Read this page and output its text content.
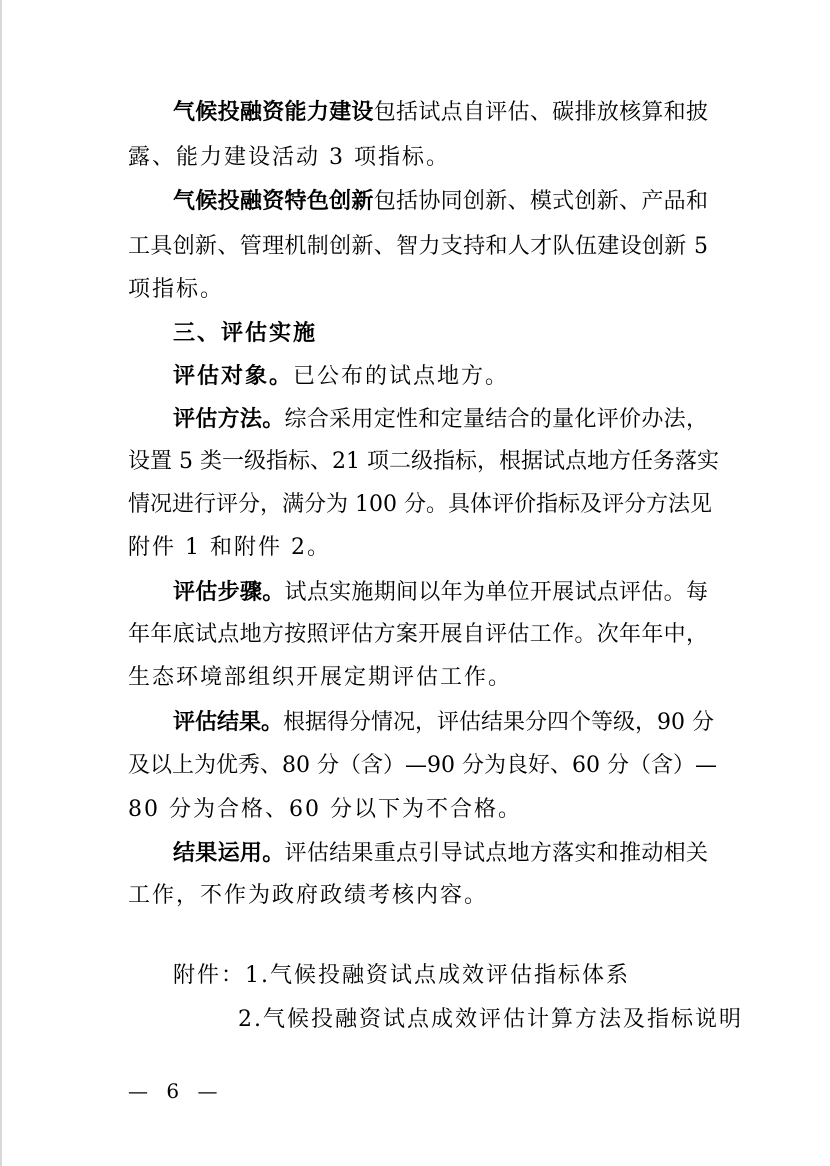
气候投融资能力建设包括试点自评估、碳排放核算和披
露、能力建设活动 3 项指标。
气候投融资特色创新包括协同创新、模式创新、产品和
工具创新、管理机制创新、智力支持和人才队伍建设创新 5
项指标。
三、评估实施
评估对象。已公布的试点地方。
评估方法。综合采用定性和定量结合的量化评价办法，
设置 5 类一级指标、21 项二级指标，根据试点地方任务落实
情况进行评分，满分为 100 分。具体评价指标及评分方法见
附件 1 和附件 2。
评估步骤。试点实施期间以年为单位开展试点评估。每
年年底试点地方按照评估方案开展自评估工作。次年年中，
生态环境部组织开展定期评估工作。
评估结果。根据得分情况，评估结果分四个等级，90 分
及以上为优秀、80 分（含）—90 分为良好、60 分（含）—
80 分为合格、60 分以下为不合格。
结果运用。评估结果重点引导试点地方落实和推动相关
工作，不作为政府政绩考核内容。
附件：1.气候投融资试点成效评估指标体系
2.气候投融资试点成效评估计算方法及指标说明
— 6 —
